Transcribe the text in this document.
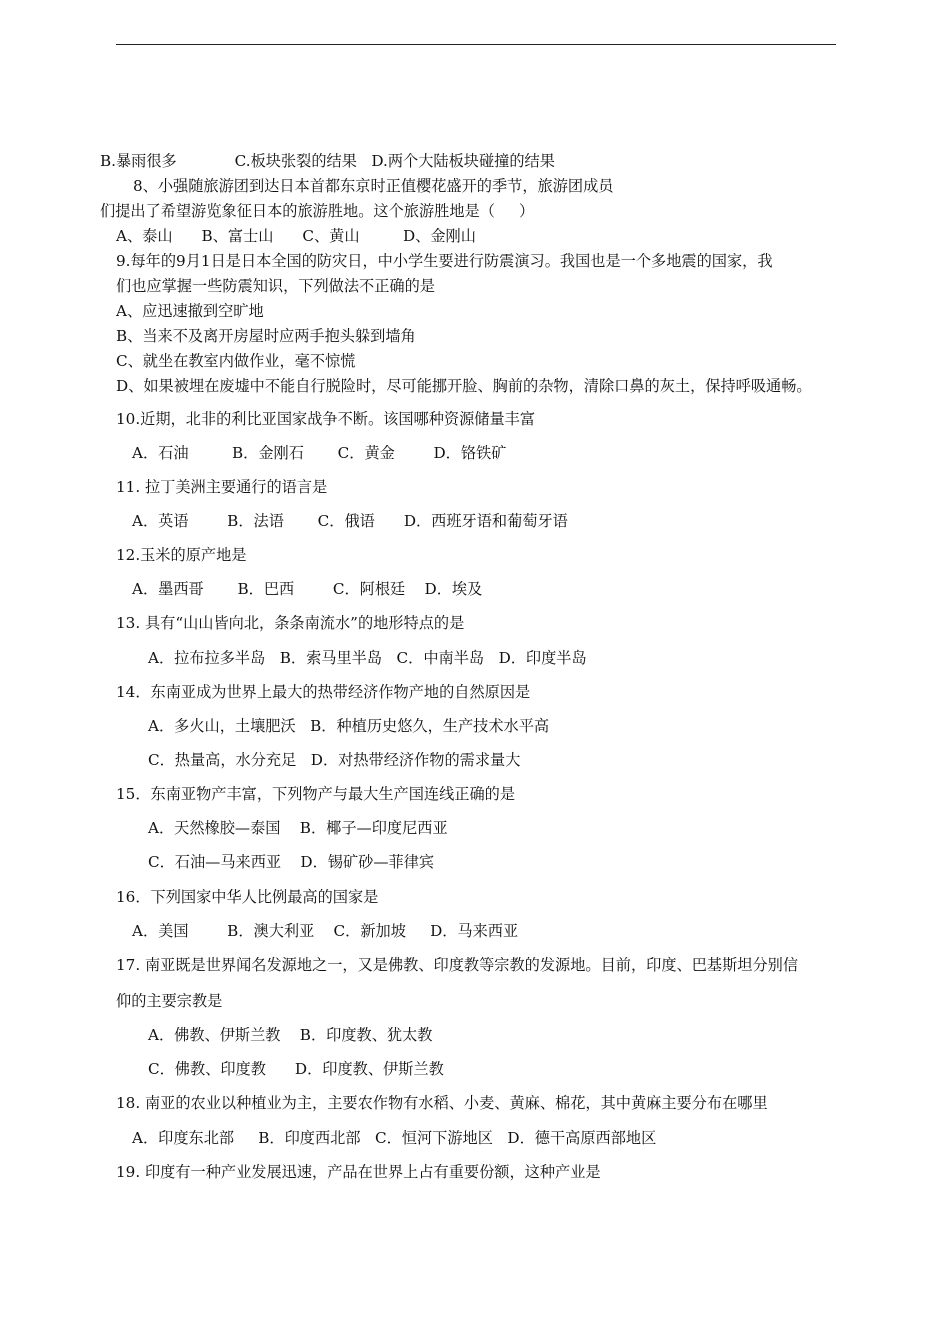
B.暴雨很多            C.板块张裂的结果   D.两个大陆板块碰撞的结果
8、小强随旅游团到达日本首都东京时正值樱花盛开的季节，旅游团成员
们提出了希望游览象征日本的旅游胜地。这个旅游胜地是（     ）
A、泰山      B、富士山      C、黄山         D、金刚山
9.每年的9月1日是日本全国的防灾日，中小学生要进行防震演习。我国也是一个多地震的国家，我
们也应掌握一些防震知识，下列做法不正确的是
A、应迅速撤到空旷地
B、当来不及离开房屋时应两手抱头躲到墙角
C、就坐在教室内做作业，毫不惊慌
D、如果被埋在废墟中不能自行脱险时，尽可能挪开脸、胸前的杂物，清除口鼻的灰土，保持呼吸通畅。
10.近期，北非的利比亚国家战争不断。该国哪种资源储量丰富
A．石油         B．金刚石       C．黄金        D．铬铁矿
11. 拉丁美洲主要通行的语言是
A．英语        B．法语       C．俄语      D．西班牙语和葡萄牙语
12.玉米的原产地是
A．墨西哥       B．巴西        C．阿根廷    D．埃及
13. 具有“山山皆向北，条条南流水”的地形特点的是
A．拉布拉多半岛   B．索马里半岛   C．中南半岛   D．印度半岛
14．东南亚成为世界上最大的热带经济作物产地的自然原因是
A．多火山，土壤肥沃   B．种植历史悠久，生产技术水平高
C．热量高，水分充足   D．对热带经济作物的需求量大
15．东南亚物产丰富，下列物产与最大生产国连线正确的是
A．天然橡胶—泰国    B．椰子—印度尼西亚
C．石油—马来西亚    D．锡矿砂—菲律宾
16．下列国家中华人比例最高的国家是
A．美国        B．澳大利亚    C．新加坡     D．马来西亚
17. 南亚既是世界闻名发源地之一，又是佛教、印度教等宗教的发源地。目前，印度、巴基斯坦分别信
仰的主要宗教是
A．佛教、伊斯兰教    B．印度教、犹太教
C．佛教、印度教      D．印度教、伊斯兰教
18. 南亚的农业以种植业为主，主要农作物有水稻、小麦、黄麻、棉花，其中黄麻主要分布在哪里
A．印度东北部     B．印度西北部   C．恒河下游地区   D．德干高原西部地区
19. 印度有一种产业发展迅速，产品在世界上占有重要份额，这种产业是
